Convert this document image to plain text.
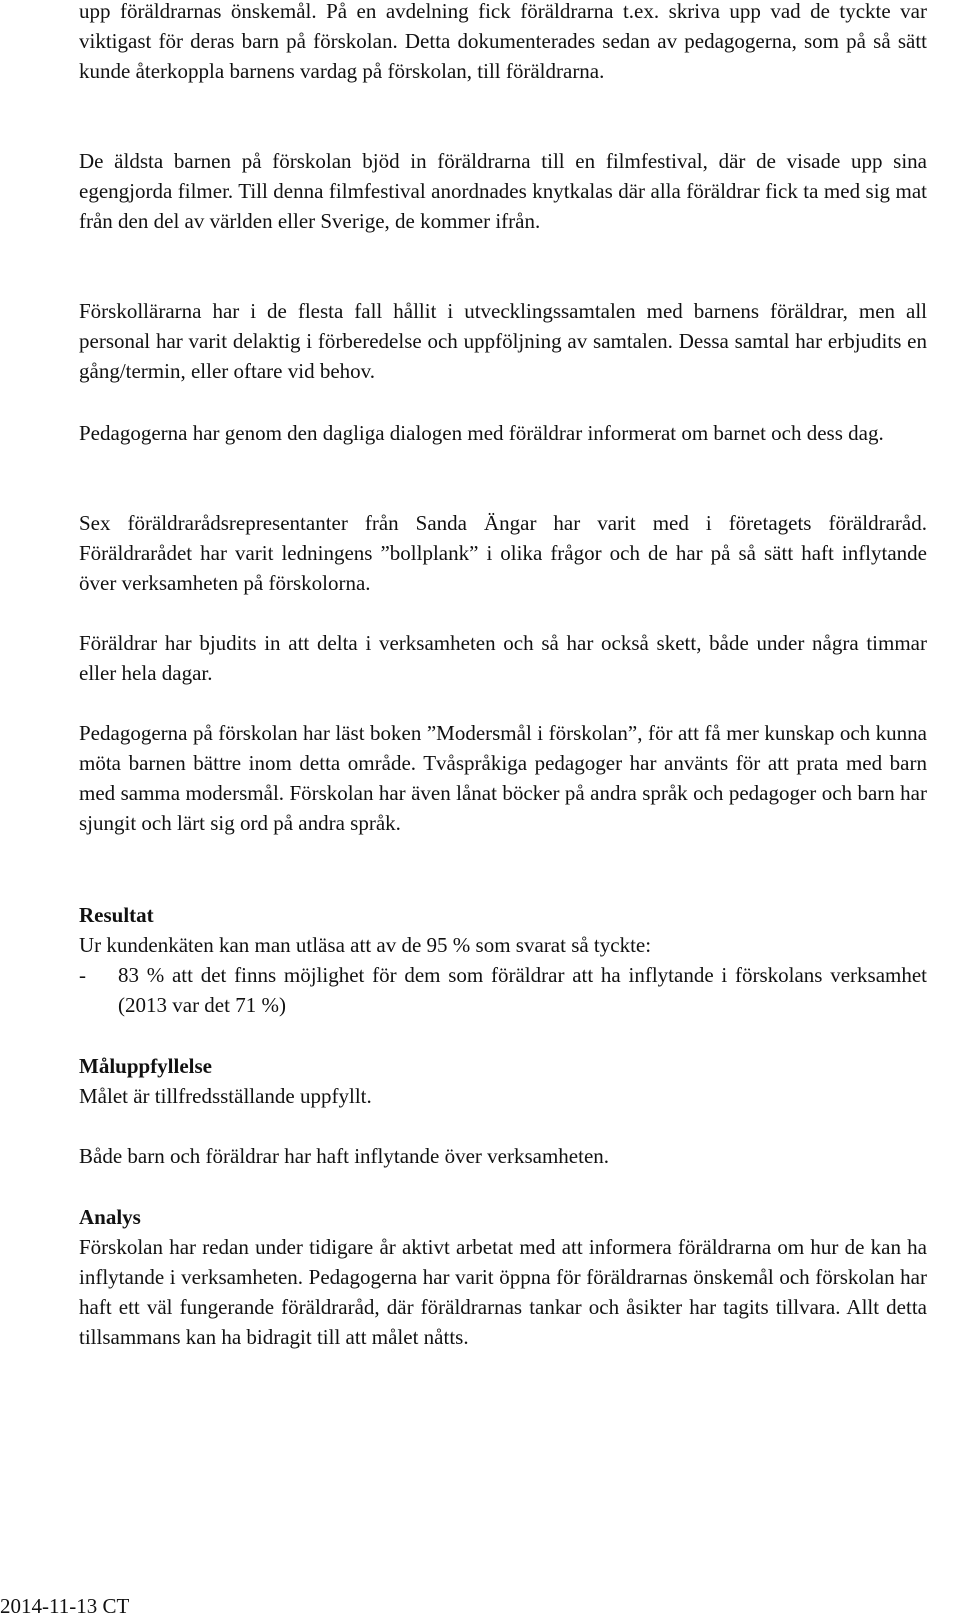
upp föräldrarnas önskemål. På en avdelning fick föräldrarna t.ex. skriva upp vad de tyckte var viktigast för deras barn på förskolan. Detta dokumenterades sedan av pedagogerna, som på så sätt kunde återkoppla barnens vardag på förskolan, till föräldrarna.

De äldsta barnen på förskolan bjöd in föräldrarna till en filmfestival, där de visade upp sina egengjorda filmer. Till denna filmfestival anordnades knytkalas där alla föräldrar fick ta med sig mat från den del av världen eller Sverige, de kommer ifrån.

Förskollärarna har i de flesta fall hållit i utvecklingssamtalen med barnens föräldrar, men all personal har varit delaktig i förberedelse och uppföljning av samtalen. Dessa samtal har erbjudits en gång/termin, eller oftare vid behov.

Pedagogerna har genom den dagliga dialogen med föräldrar informerat om barnet och dess dag.

Sex föräldrarådsrepresentanter från Sanda Ängar har varit med i företagets föräldraråd. Föräldrarådet har varit ledningens ”bollplank” i olika frågor och de har på så sätt haft inflytande över verksamheten på förskolorna.

Föräldrar har bjudits in att delta i verksamheten och så har också skett, både under några timmar eller hela dagar.

Pedagogerna på förskolan har läst boken ”Modersmål i förskolan”, för att få mer kunskap och kunna möta barnen bättre inom detta område. Tvåspråkiga pedagoger har använts för att prata med barn med samma modersmål. Förskolan har även lånat böcker på andra språk och pedagoger och barn har sjungit och lärt sig ord på andra språk.

Resultat

Ur kundenkäten kan man utläsa att av de 95 % som svarat så tyckte:

-	83 % att det finns möjlighet för dem som föräldrar att ha inflytande i förskolans verksamhet (2013 var det 71 %)

Måluppfyllelse

Målet är tillfredsställande uppfyllt.

Både barn och föräldrar har haft inflytande över verksamheten.

Analys

Förskolan har redan under tidigare år aktivt arbetat med att informera föräldrarna om hur de kan ha inflytande i verksamheten. Pedagogerna har varit öppna för föräldrarnas önskemål och förskolan har haft ett väl fungerande föräldraråd, där föräldrarnas tankar och åsikter har tagits tillvara. Allt detta tillsammans kan ha bidragit till att målet nåtts.

2014-11-13 CT
